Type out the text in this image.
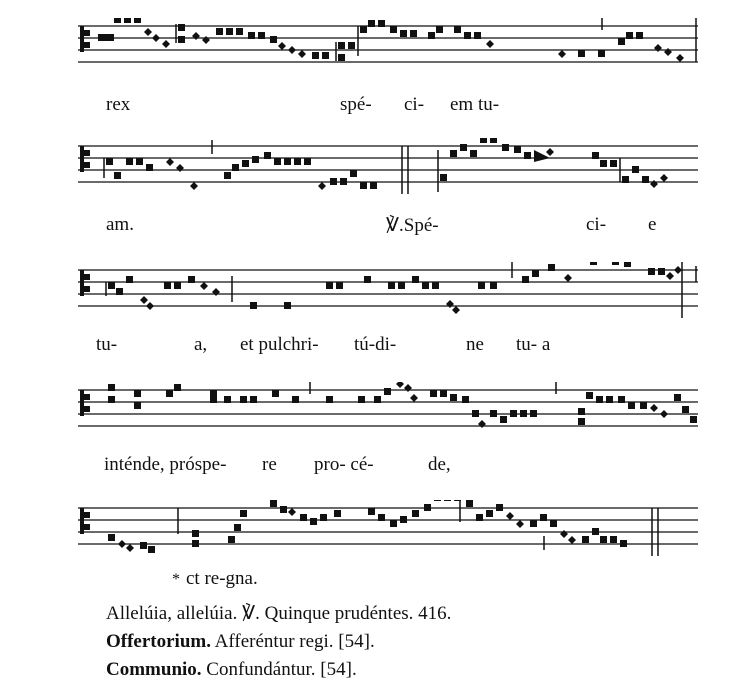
rex	spé- ci- em tu-
am.	℣.Spé-	ci- e
tu-	a, et pulchri- tú-di-	ne tu- a
inténde, próspe- re pro- cé-	de,
* ct re-gna.
Allelúia, allelúia. ℣. Quinque prudéntes. 416.
Offertorium. Afferéntur regi. [54].
Communio. Confundántur. [54].
